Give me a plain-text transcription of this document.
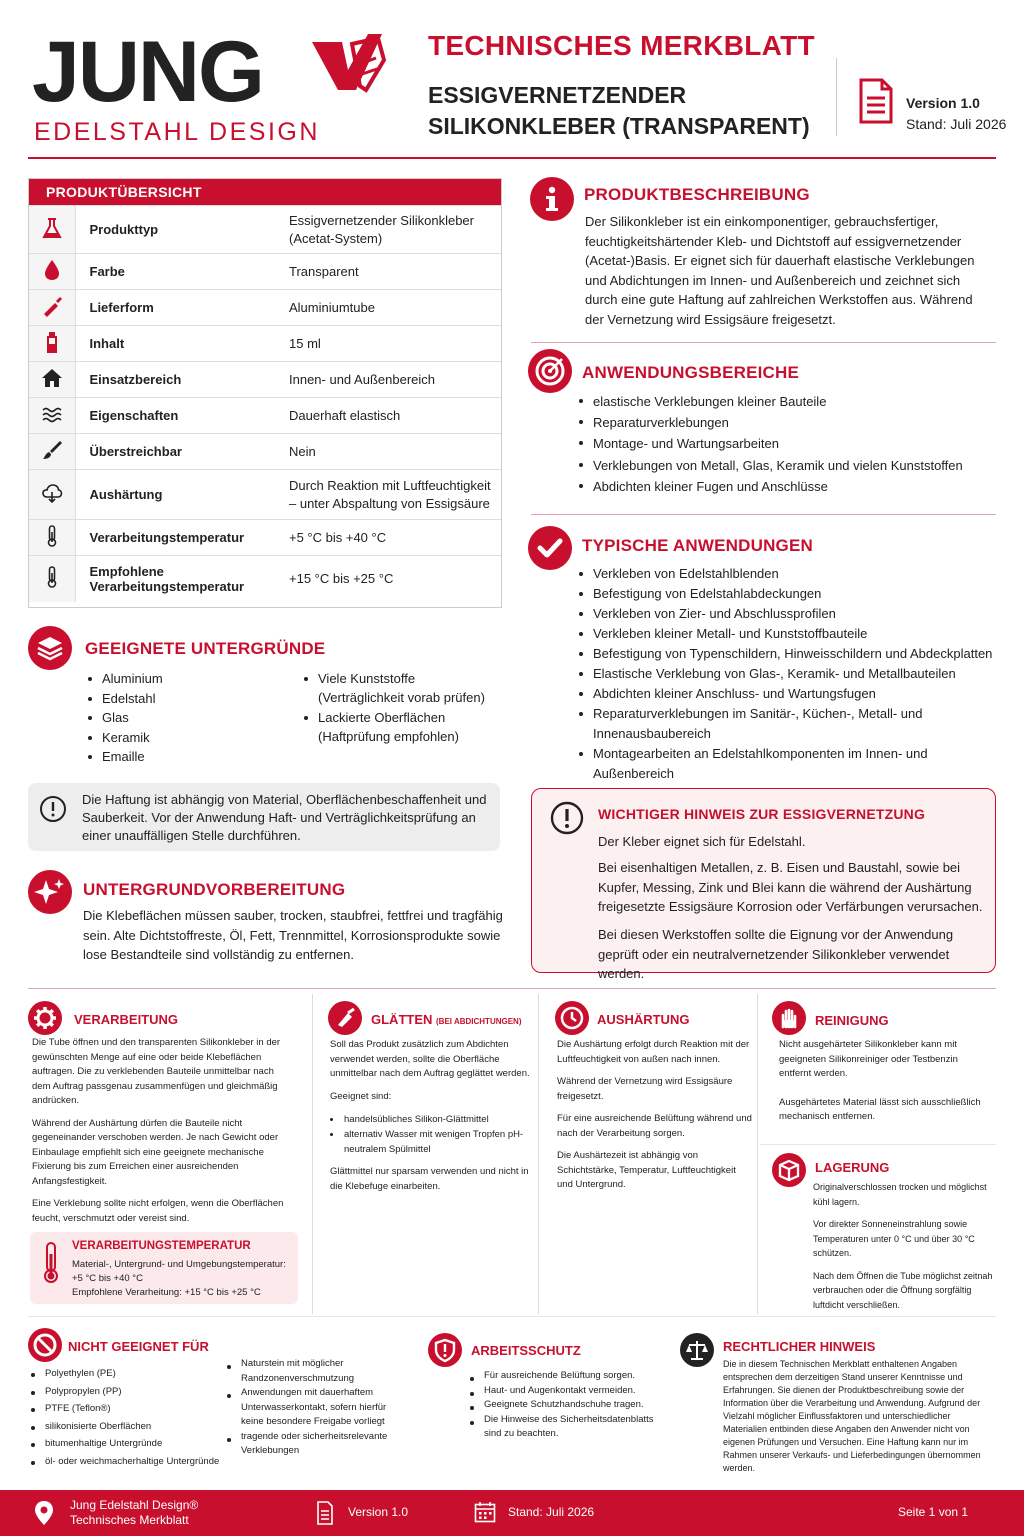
JUNG
EDELSTAHL DESIGN
TECHNISCHES MERKBLATT
ESSIGVERNETZENDER
SILIKONKLEBER (TRANSPARENT)
Version 1.0
Stand: Juli 2026
PRODUKTÜBERSICHT
	Produkttyp	Essigvernetzender Silikonkleber (Acetat-System)
	Farbe	Transparent
	Lieferform	Aluminiumtube
	Inhalt	15 ml
	Einsatzbereich	Innen- und Außenbereich
	Eigenschaften	Dauerhaft elastisch
	Überstreichbar	Nein
	Aushärtung	Durch Reaktion mit Luftfeuchtigkeit – unter Abspaltung von Essigsäure
	Verarbeitungstemperatur	+5 °C bis +40 °C
	Empfohlene Verarbeitungstemperatur	+15 °C bis +25 °C
PRODUKTBESCHREIBUNG
Der Silikonkleber ist ein einkomponentiger, gebrauchsfertiger, feuchtigkeitshärtender Kleb- und Dichtstoff auf essigvernetzender (Acetat-)Basis. Er eignet sich für dauerhaft elastische Verklebungen und Abdichtungen im Innen- und Außenbereich und zeichnet sich durch eine gute Haftung auf zahlreichen Werkstoffen aus. Während der Vernetzung wird Essigsäure freigesetzt.
ANWENDUNGSBEREICHE
elastische Verklebungen kleiner Bauteile
Reparaturverklebungen
Montage- und Wartungsarbeiten
Verklebungen von Metall, Glas, Keramik und vielen Kunststoffen
Abdichten kleiner Fugen und Anschlüsse
TYPISCHE ANWENDUNGEN
Verkleben von Edelstahlblenden
Befestigung von Edelstahlabdeckungen
Verkleben von Zier- und Abschlussprofilen
Verkleben kleiner Metall- und Kunststoffbauteile
Befestigung von Typenschildern, Hinweisschildern und Abdeckplatten
Elastische Verklebung von Glas-, Keramik- und Metallbauteilen
Abdichten kleiner Anschluss- und Wartungsfugen
Reparaturverklebungen im Sanitär-, Küchen-, Metall- und Innenausbaubereich
Montagearbeiten an Edelstahlkomponenten im Innen- und Außenbereich
GEEIGNETE UNTERGRÜNDE
Aluminium
Edelstahl
Glas
Keramik
Emaille
Viele Kunststoffe (Verträglichkeit vorab prüfen)
Lackierte Oberflächen (Haftprüfung empfohlen)
Die Haftung ist abhängig von Material, Oberflächenbeschaffenheit und Sauberkeit. Vor der Anwendung Haft- und Verträglichkeitsprüfung an einer unauffälligen Stelle durchführen.
UNTERGRUNDVORBEREITUNG
Die Klebeflächen müssen sauber, trocken, staubfrei, fettfrei und tragfähig sein. Alte Dichtstoffreste, Öl, Fett, Trennmittel, Korrosionsprodukte sowie lose Bestandteile sind vollständig zu entfernen.
WICHTIGER HINWEIS ZUR ESSIGVERNETZUNG
Der Kleber eignet sich für Edelstahl.
Bei eisenhaltigen Metallen, z. B. Eisen und Baustahl, sowie bei Kupfer, Messing, Zink und Blei kann die während der Aushärtung freigesetzte Essigsäure Korrosion oder Verfärbungen verursachen.
Bei diesen Werkstoffen sollte die Eignung vor der Anwendung geprüft oder ein neutralvernetzender Silikonkleber verwendet werden.
VERARBEITUNG

Die Tube öffnen und den transparenten Silikonkleber in der gewünschten Menge auf eine oder beide Klebeflächen auftragen. Die zu verklebenden Bauteile unmittelbar nach dem Auftrag passgenau zusammenfügen und gleichmäßig andrücken.

Während der Aushärtung dürfen die Bauteile nicht gegeneinander verschoben werden. Je nach Gewicht oder Einbaulage empfiehlt sich eine geeignete mechanische Fixierung bis zum Erreichen einer ausreichenden Anfangsfestigkeit.

Eine Verklebung sollte nicht erfolgen, wenn die Oberflächen feucht, verschmutzt oder vereist sind.

VERARBEITUNGSTEMPERATUR
Material-, Untergrund- und Umgebungstemperatur:
+5 °C bis +40 °C
Empfohlene Verarheitung: +15 °C bis +25 °C
GLÄTTEN (BEI ABDICHTUNGEN)

Soll das Produkt zusätzlich zum Abdichten verwendet werden, sollte die Oberfläche unmittelbar nach dem Auftrag geglättet werden.

Geeignet sind:

handelsübliches Silikon-Glättmittel
alternativ Wasser mit wenigen Tropfen pH-neutralem Spülmittel

Glättmittel nur sparsam verwenden und nicht in die Klebefuge einarbeiten.

AUSHÄRTUNG

Die Aushärtung erfolgt durch Reaktion mit der Luftfeuchtigkeit von außen nach innen.

Während der Vernetzung wird Essigsäure freigesetzt.

Für eine ausreichende Belüftung während und nach der Verarbeitung sorgen.

Die Aushärtezeit ist abhängig von Schichtstärke, Temperatur, Luftfeuchtigkeit und Untergrund.

REINIGUNG

Nicht ausgehärteter Silikonkleber kann mit geeigneten Silikonreiniger oder Testbenzin entfernt werden.

Ausgehärtetes Material lässt sich ausschließlich mechanisch entfernen.

LAGERUNG

Originalverschlossen trocken und möglichst kühl lagern.

Vor direkter Sonneneinstrahlung sowie Temperaturen unter 0 °C und über 30 °C schützen.

Nach dem Öffnen die Tube möglichst zeitnah verbrauchen oder die Öffnung sorgfältig luftdicht verschließen.

NICHT GEEIGNET FÜR
Polyethylen (PE)
Polypropylen (PP)
PTFE (Teflon®)
silikonisierte Oberflächen
bitumenhaltige Untergründe
öl- oder weichmacherhaltige Untergründe
Naturstein mit möglicher Randzonenverschmutzung
Anwendungen mit dauerhaftem Unterwasserkontakt, sofern hierfür keine besondere Freigabe vorliegt
tragende oder sicherheitsrelevante Verklebungen
ARBEITSSCHUTZ
Für ausreichende Belüftung sorgen.
Haut- und Augenkontakt vermeiden.
Geeignete Schutzhandschuhe tragen.
Die Hinweise des Sicherheitsdatenblatts sind zu beachten.
RECHTLICHER HINWEIS
Die in diesem Technischen Merkblatt enthaltenen Angaben entsprechen dem derzeitigen Stand unserer Kenntnisse und Erfahrungen. Sie dienen der Produktbeschreibung sowie der Information über die Verarbeitung und Anwendung. Aufgrund der Vielzahl möglicher Einflussfaktoren und unterschiedlicher Materialien entbinden diese Angaben den Anwender nicht von eigenen Prüfungen und Versuchen. Eine Haftung kann nur im Rahmen unserer Verkaufs- und Lieferbedingungen übernommen werden.
Jung Edelstahl Design®
Technisches Merkblatt
Version 1.0	Stand: Juli 2026	Seite 1 von 1
